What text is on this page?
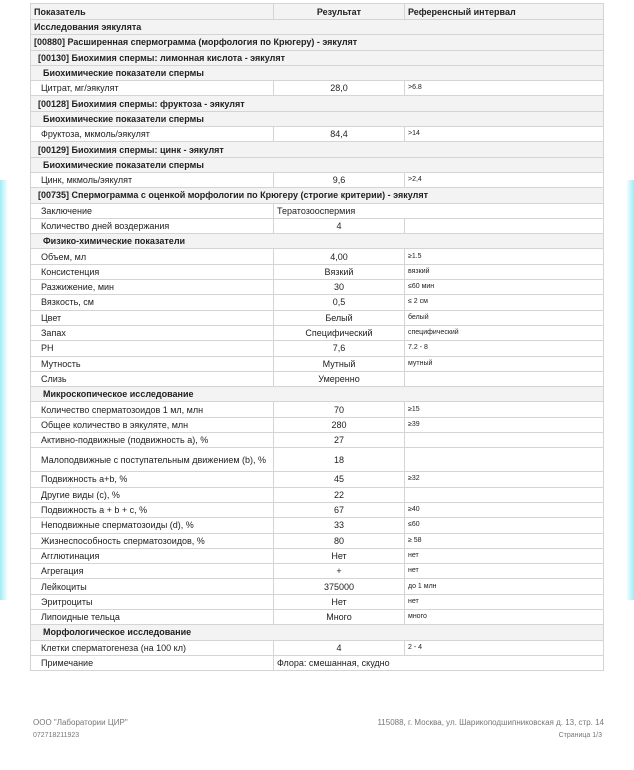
Показатель	Результат	Референсный интервал
Исследования эякулята		
[00880] Расширенная спермограмма (морфология по Крюгеру) - эякулят		
[00130] Биохимия спермы: лимонная кислота - эякулят		
Биохимические показатели спермы		
Цитрат, мг/эякулят	28,0	>6.8
[00128] Биохимия спермы: фруктоза - эякулят		
Биохимические показатели спермы		
Фруктоза, мкмоль/эякулят	84,4	>14
[00129] Биохимия спермы: цинк - эякулят		
Биохимические показатели спермы		
Цинк, мкмоль/эякулят	9,6	>2,4
[00735] Спермограмма с оценкой морфологии по Крюгеру (строгие критерии) - эякулят		
Заключение	Тератозооспермия	
Количество дней воздержания	4	
Физико-химические показатели		
Объем, мл	4,00	≥1.5
Консистенция	Вязкий	вязкий
Разжижение, мин	30	≤60 мин
Вязкость, см	0,5	≤ 2 см
Цвет	Белый	белый
Запах	Специфический	специфический
PH	7,6	7.2 - 8
Мутность	Мутный	мутный
Слизь	Умеренно	
Микроскопическое исследование		
Количество сперматозоидов 1 мл, млн	70	≥15
Общее количество в эякуляте, млн	280	≥39
Активно-подвижные (подвижность a), %	27	
Малоподвижные с поступательным движением (b), %	18	
Подвижность a+b, %	45	≥32
Другие виды (c), %	22	
Подвижность a + b + c, %	67	≥40
Неподвижные сперматозоиды (d), %	33	≤60
Жизнеспособность сперматозоидов, %	80	≥ 58
Агглютинация	Нет	нет
Агрегация	+	нет
Лейкоциты	375000	до 1 млн
Эритроциты	Нет	нет
Липоидные тельца	Много	много
Морфологическое исследование		
Клетки сперматогенеза (на 100 кл)	4	2 - 4
Примечание	Флора: смешанная, скудно	
ООО "Лаборатории ЦИР"	115088, г. Москва, ул. Шарикоподшипниковская д. 13, стр. 14
072718211923	Страница 1/3
